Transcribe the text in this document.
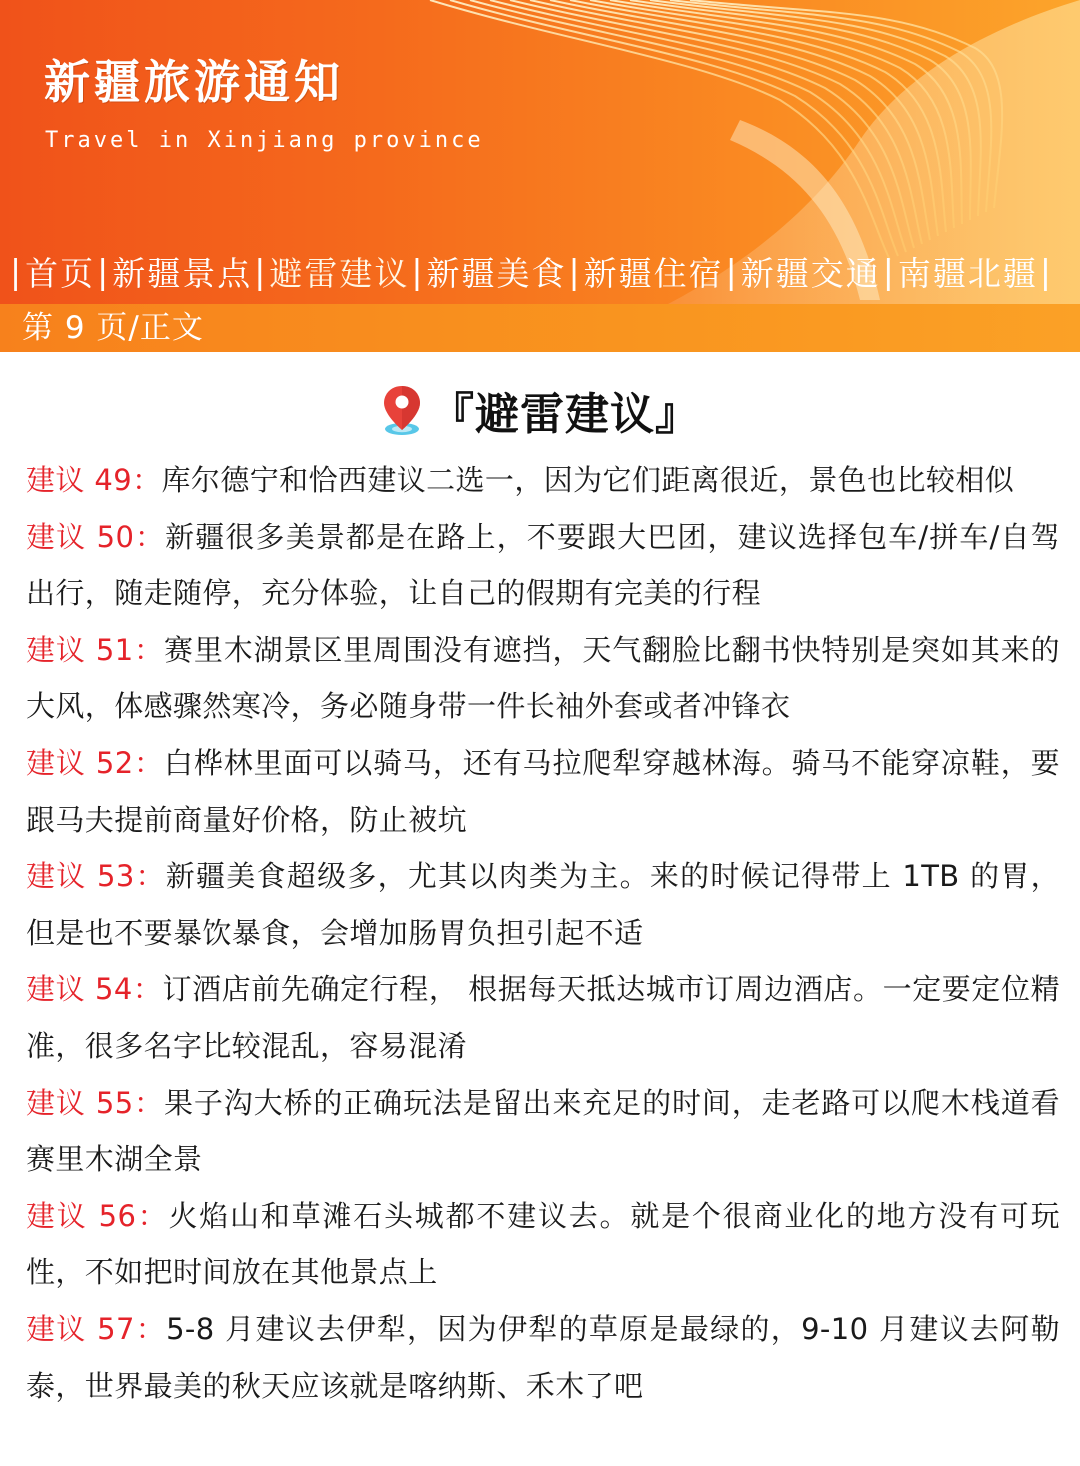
新疆旅游通知
Travel in Xinjiang province
| 首页 | 新疆景点 | 避雷建议 | 新疆美食 | 新疆住宿 | 新疆交通 | 南疆北疆 |
第 9 页/正文
『避雷建议』
建议 49：库尔德宁和恰西建议二选一，因为它们距离很近，景色也比较相似
建议 50：新疆很多美景都是在路上，不要跟大巴团，建议选择包车/拼车/自驾出行，随走随停，充分体验，让自己的假期有完美的行程
建议 51：赛里木湖景区里周围没有遮挡，天气翻脸比翻书快特别是突如其来的大风，体感骤然寒冷，务必随身带一件长袖外套或者冲锋衣
建议 52：白桦林里面可以骑马，还有马拉爬犁穿越林海。骑马不能穿凉鞋，要跟马夫提前商量好价格，防止被坑
建议 53：新疆美食超级多，尤其以肉类为主。来的时候记得带上 1TB 的胃，但是也不要暴饮暴食，会增加肠胃负担引起不适
建议 54：订酒店前先确定行程， 根据每天抵达城市订周边酒店。一定要定位精准，很多名字比较混乱，容易混淆
建议 55：果子沟大桥的正确玩法是留出来充足的时间，走老路可以爬木栈道看赛里木湖全景
建议 56：火焰山和草滩石头城都不建议去。就是个很商业化的地方没有可玩性，不如把时间放在其他景点上
建议 57：5-8 月建议去伊犁，因为伊犁的草原是最绿的，9-10 月建议去阿勒泰，世界最美的秋天应该就是喀纳斯、禾木了吧
